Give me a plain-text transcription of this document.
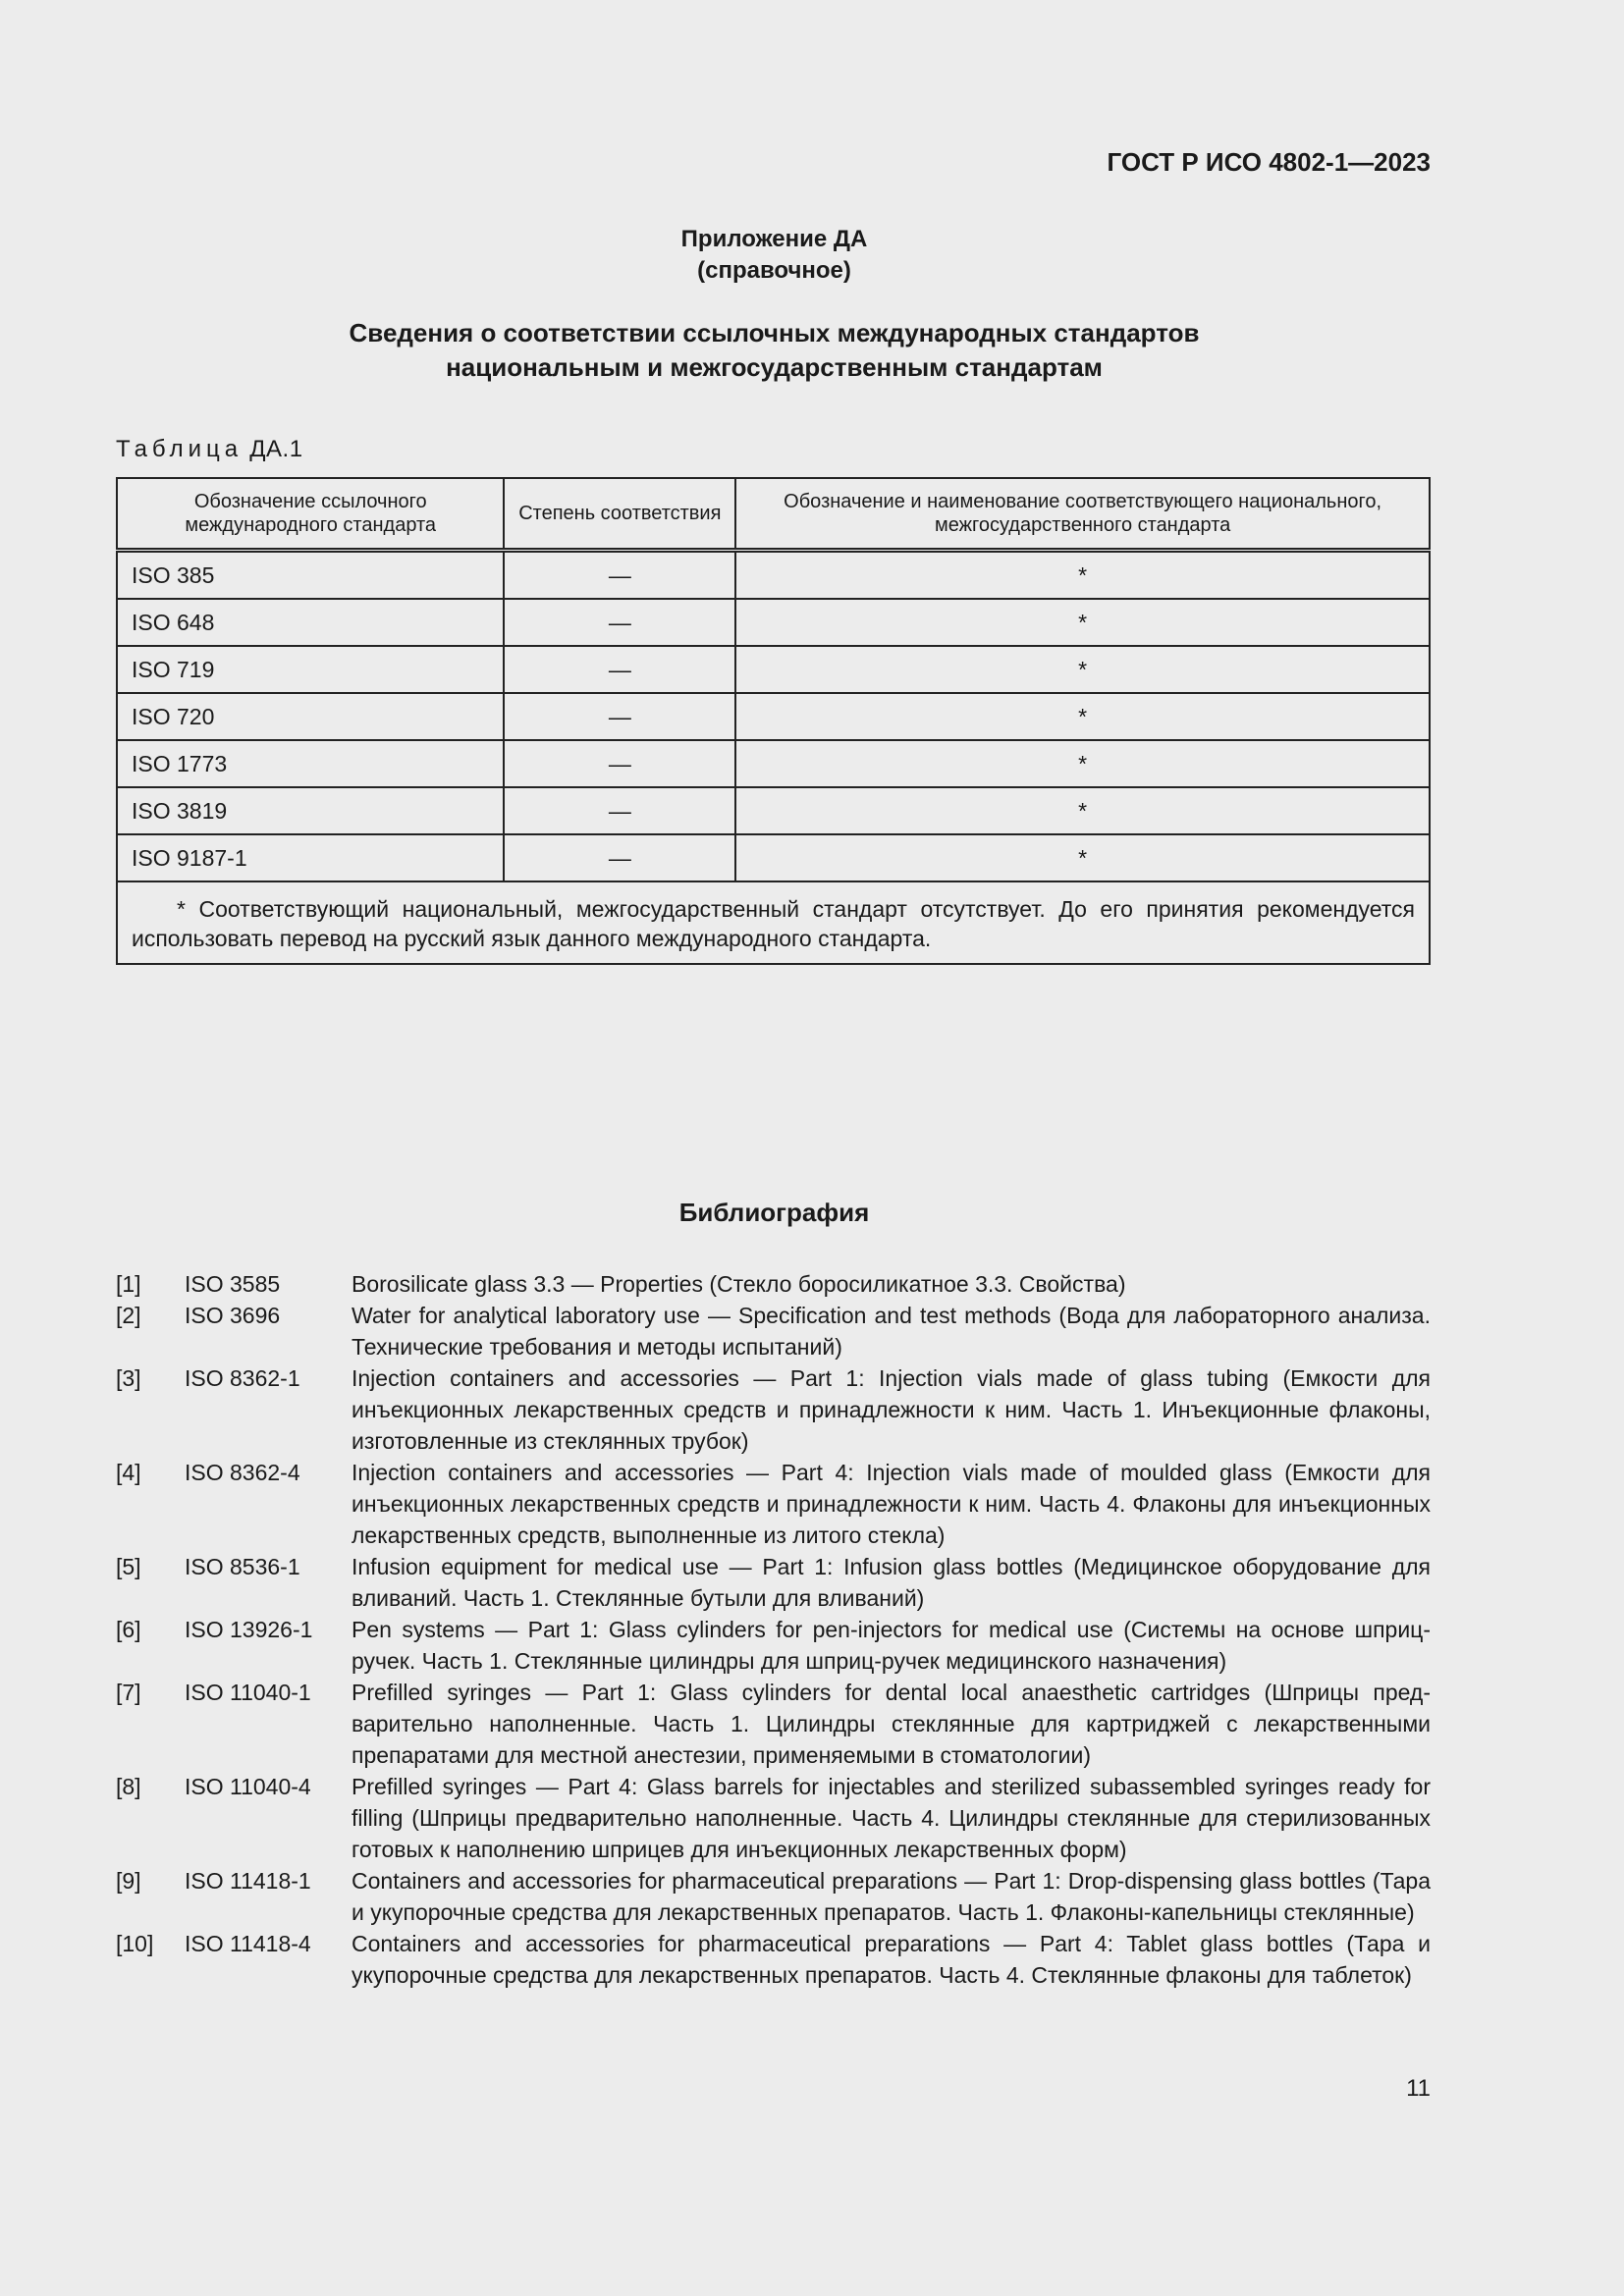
ГОСТ Р ИСО 4802-1—2023
Приложение ДА
(справочное)
Сведения о соответствии ссылочных международных стандартов
национальным и межгосударственным стандартам
Таблица ДА.1
Обозначение ссылочного международного стандарта	Степень соответствия	Обозначение и наименование соответствующего национального, межгосударственного стандарта
ISO 385	—	*
ISO 648	—	*
ISO 719	—	*
ISO 720	—	*
ISO 1773	—	*
ISO 3819	—	*
ISO 9187-1	—	*
* Соответствующий национальный, межгосударственный стандарт отсутствует. До его принятия рекомендуется использовать перевод на русский язык данного международного стандарта.		
Библиография
[1] ISO 3585	Borosilicate glass 3.3 — Properties (Стекло боросиликатное 3.3. Свойства)
[2] ISO 3696	Water for analytical laboratory use — Specification and test methods (Вода для лабораторного анализа. Технические требования и методы испытаний)
[3] ISO 8362-1 Injection containers and accessories — Part 1: Injection vials made of glass tubing (Емкости для инъекционных лекарственных средств и принадлежности к ним. Часть 1. Инъекционные флаконы, изготовленные из стеклянных трубок)
[4] ISO 8362-4 Injection containers and accessories — Part 4: Injection vials made of moulded glass (Емкости для инъекционных лекарственных средств и принадлежности к ним. Часть 4. Флаконы для инъекционных лекарственных средств, выполненные из литого стекла)
[5] ISO 8536-1 Infusion equipment for medical use — Part 1: Infusion glass bottles (Медицинское оборудование для вливаний. Часть 1. Стеклянные бутыли для вливаний)
[6] ISO 13926-1 Pen systems — Part 1: Glass cylinders for pen-injectors for medical use (Системы на основе шприц-ручек. Часть 1. Стеклянные цилиндры для шприц-ручек медицинского назначения)
[7] ISO 11040-1 Prefilled syringes — Part 1: Glass cylinders for dental local anaesthetic cartridges (Шприцы предварительно наполненные. Часть 1. Цилиндры стеклянные для картриджей с лекарственными препаратами для местной анестезии, применяемыми в стоматологии)
[8] ISO 11040-4 Prefilled syringes — Part 4: Glass barrels for injectables and sterilized subassembled syringes ready for filling (Шприцы предварительно наполненные. Часть 4. Цилиндры стеклянные для стерилизованных готовых к наполнению шприцев для инъекционных лекарственных форм)
[9] ISO 11418-1 Containers and accessories for pharmaceutical preparations — Part 1: Drop-dispensing glass bottles (Тара и укупорочные средства для лекарственных препаратов. Часть 1. Флаконы-капельницы стеклянные)
[10] ISO 11418-4 Containers and accessories for pharmaceutical preparations — Part 4: Tablet glass bottles (Тара и укупорочные средства для лекарственных препаратов. Часть 4. Стеклянные флаконы для таблеток)
11
